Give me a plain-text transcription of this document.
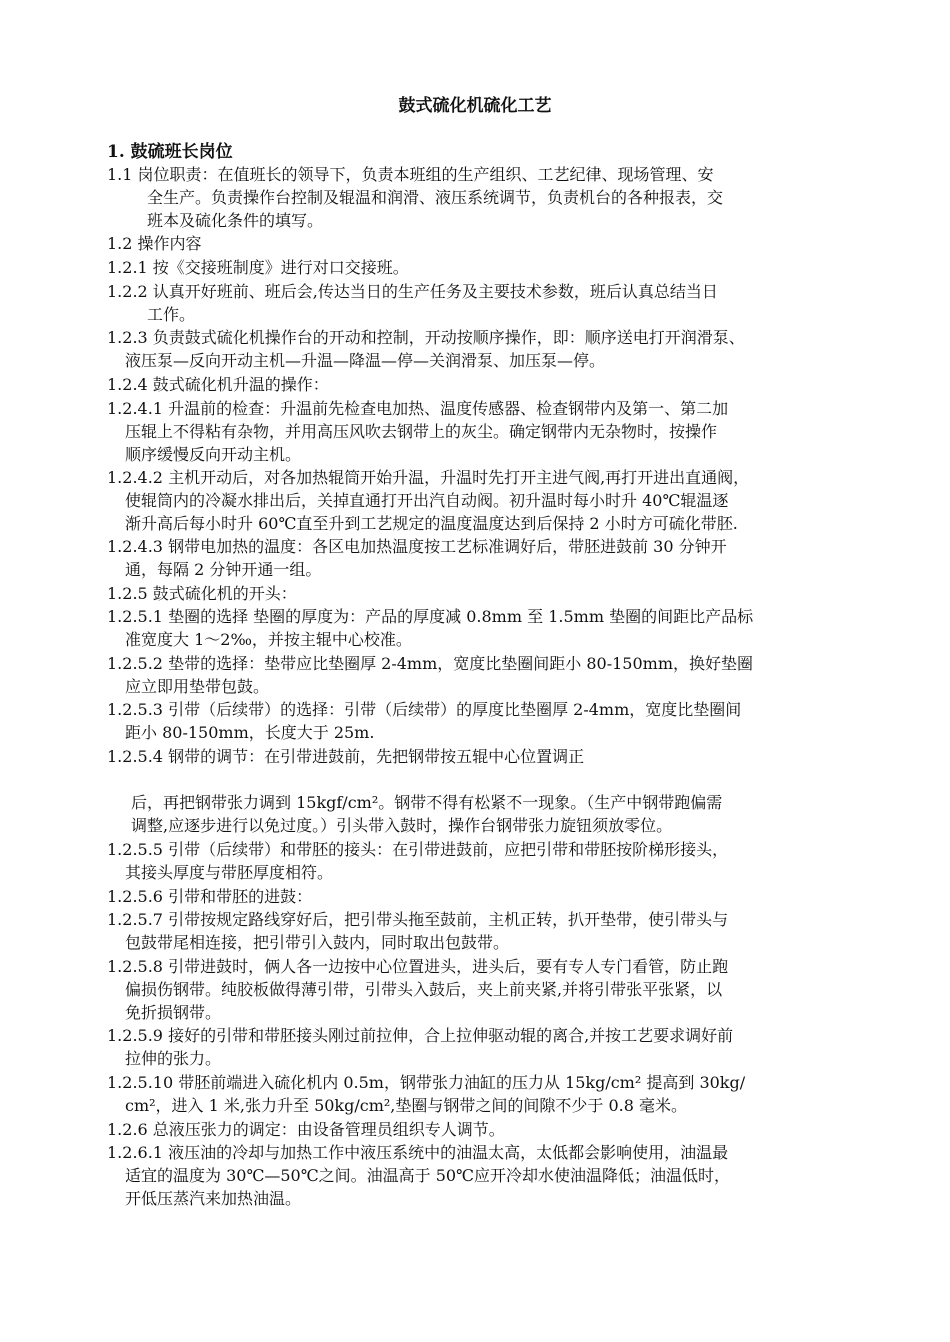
鼓式硫化机硫化工艺
1. 鼓硫班长岗位
1.1 岗位职责：在值班长的领导下，负责本班组的生产组织、工艺纪律、现场管理、安
全生产。负责操作台控制及辊温和润滑、液压系统调节，负责机台的各种报表，交
班本及硫化条件的填写。
1.2 操作内容
1.2.1 按《交接班制度》进行对口交接班。
1.2.2 认真开好班前、班后会,传达当日的生产任务及主要技术参数，班后认真总结当日
工作。
1.2.3 负责鼓式硫化机操作台的开动和控制，开动按顺序操作，即：顺序送电打开润滑泵、
液压泵—反向开动主机—升温—降温—停—关润滑泵、加压泵—停。
1.2.4 鼓式硫化机升温的操作：
1.2.4.1 升温前的检查：升温前先检查电加热、温度传感器、检查钢带内及第一、第二加
压辊上不得粘有杂物，并用高压风吹去钢带上的灰尘。确定钢带内无杂物时，按操作
顺序缓慢反向开动主机。
1.2.4.2 主机开动后，对各加热辊筒开始升温，升温时先打开主进气阀,再打开进出直通阀，
使辊筒内的冷凝水排出后，关掉直通打开出汽自动阀。初升温时每小时升 40℃辊温逐
渐升高后每小时升 60℃直至升到工艺规定的温度温度达到后保持 2 小时方可硫化带胚.
1.2.4.3 钢带电加热的温度：各区电加热温度按工艺标准调好后，带胚进鼓前 30 分钟开
通，每隔 2 分钟开通一组。
1.2.5 鼓式硫化机的开头：
1.2.5.1 垫圈的选择 垫圈的厚度为：产品的厚度减 0.8mm 至 1.5mm 垫圈的间距比产品标
准宽度大 1～2‰，并按主辊中心校准。
1.2.5.2 垫带的选择：垫带应比垫圈厚 2-4mm，宽度比垫圈间距小 80-150mm，换好垫圈
应立即用垫带包鼓。
1.2.5.3 引带（后续带）的选择：引带（后续带）的厚度比垫圈厚 2-4mm，宽度比垫圈间
距小 80-150mm，长度大于 25m.
1.2.5.4 钢带的调节：在引带进鼓前，先把钢带按五辊中心位置调正
后，再把钢带张力调到 15kgf/cm²。钢带不得有松紧不一现象。（生产中钢带跑偏需
调整,应逐步进行以免过度。）引头带入鼓时，操作台钢带张力旋钮须放零位。
1.2.5.5 引带（后续带）和带胚的接头：在引带进鼓前，应把引带和带胚按阶梯形接头，
其接头厚度与带胚厚度相符。
1.2.5.6 引带和带胚的进鼓：
1.2.5.7 引带按规定路线穿好后，把引带头拖至鼓前，主机正转，扒开垫带，使引带头与
包鼓带尾相连接，把引带引入鼓内，同时取出包鼓带。
1.2.5.8 引带进鼓时，俩人各一边按中心位置进头，进头后，要有专人专门看管，防止跑
偏损伤钢带。纯胶板做得薄引带，引带头入鼓后，夹上前夹紧,并将引带张平张紧，以
免折损钢带。
1.2.5.9 接好的引带和带胚接头刚过前拉伸，合上拉伸驱动辊的离合,并按工艺要求调好前
拉伸的张力。
1.2.5.10 带胚前端进入硫化机内 0.5m，钢带张力油缸的压力从 15kg/cm² 提高到 30kg/
cm²，进入 1 米,张力升至 50kg/cm²,垫圈与钢带之间的间隙不少于 0.8 毫米。
1.2.6 总液压张力的调定：由设备管理员组织专人调节。
1.2.6.1 液压油的冷却与加热工作中液压系统中的油温太高，太低都会影响使用，油温最
适宜的温度为 30℃—50℃之间。油温高于 50℃应开冷却水使油温降低；油温低时，
开低压蒸汽来加热油温。
